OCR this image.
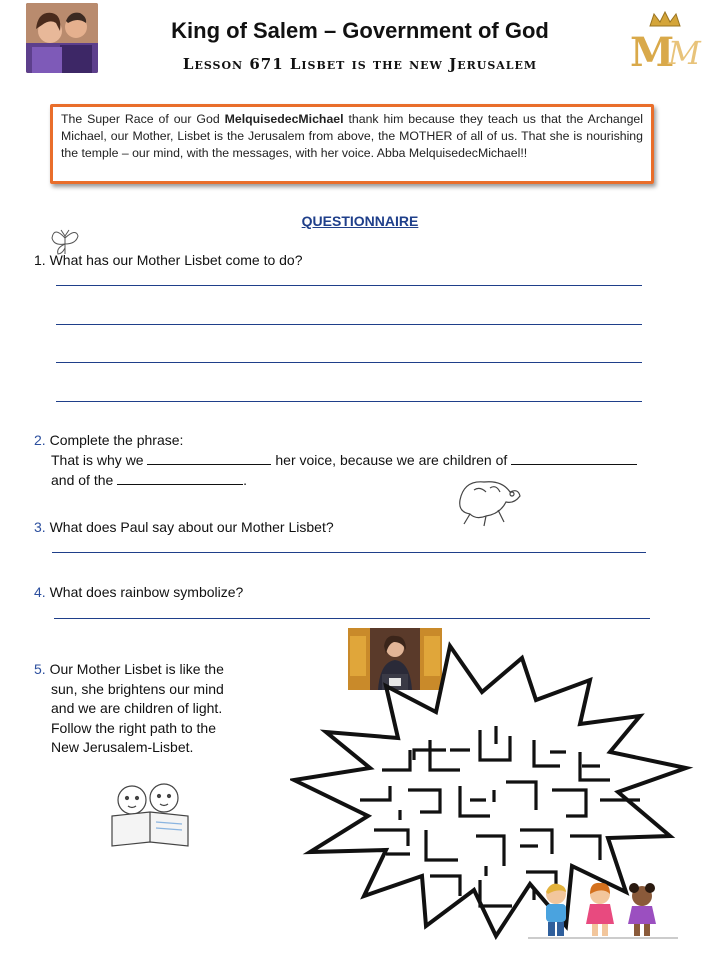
King of Salem – Government of God
Lesson 671 Lisbet is the new Jerusalem	M
M
The Super Race of our God MelquisedecMichael thank him because they teach us that the Archangel Michael, our Mother, Lisbet is the Jerusalem from above, the MOTHER of all of us. That she is nourishing the temple – our mind, with the messages, with her voice. Abba MelquisedecMichael!!
QUESTIONNAIRE
1. What has our Mother Lisbet come to do?
2. Complete the phrase:
That is why we	her voice, because we are children of
and of the	.
3. What does Paul say about our Mother Lisbet?
4. What does rainbow symbolize?
5. Our Mother Lisbet is like the
sun, she brightens our mind
and we are children of light.
Follow the right path to the
New Jerusalem-Lisbet.
